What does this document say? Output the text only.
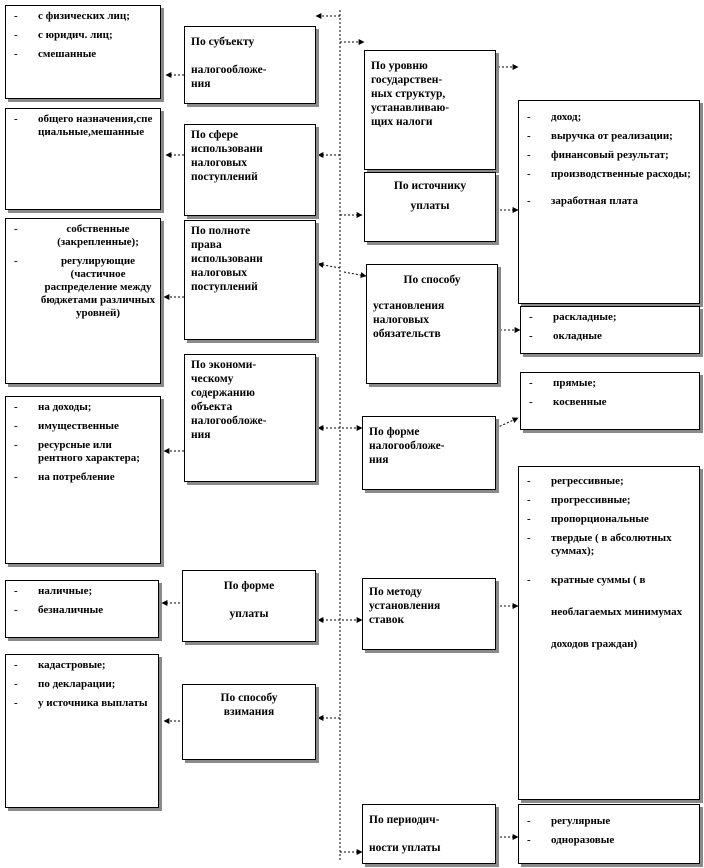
- с физических лиц;
- с юридич. лиц;
- смешанные
- общего назначения,специальные,мешанные
- собственные (закрепленные);
- регулирующие (частичное распределение между бюджетами различных уровней)
- на доходы;
- имущественные
- ресурсные или рентного характера;
- на потребление
- наличные;
- безналичные
- кадастровые;
- по декларации;
- у источника выплаты
По субъекту
налогообложе-
ния
По сфере
использовани
налоговых
поступлений
По полноте
права
использовани
налоговых
поступлений
По экономи-
ческому
содержанию
объекта
налогообложе-
ния
По форме
уплаты
По способу
взимания
По уровню
государствен-
ных структур,
устанавливаю-
щих налоги
По источнику
уплаты
По способу
установления
налоговых
обязательств
По форме
налогообложе-
ния
По методу
установления
ставок
По периодич-
ности уплаты
- доход;
- выручка от реализации;
- финансовый результат;
- производственные расходы;
- заработная плата
- раскладные;
- окладные
- прямые;
- косвенные
- регрессивные;
- прогрессивные;
- пропорциональные
- твердые ( в абсолютных суммах);
- кратные суммы ( в необлагаемых минимумах доходов граждан)
- регулярные
- одноразовые
